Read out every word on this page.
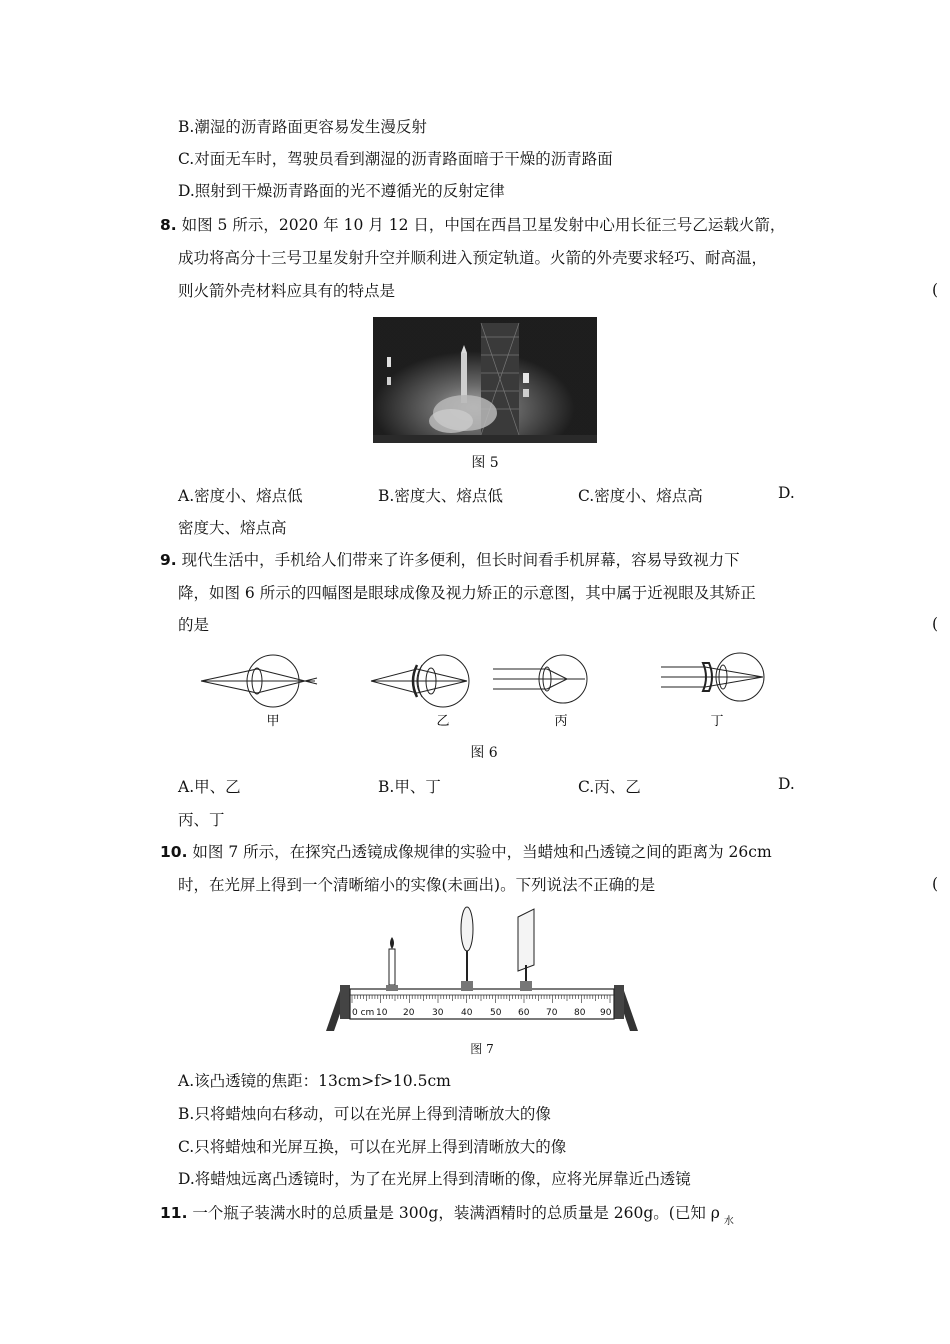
B.潮湿的沥青路面更容易发生漫反射
C.对面无车时，驾驶员看到潮湿的沥青路面暗于干燥的沥青路面
D.照射到干燥沥青路面的光不遵循光的反射定律
8. 如图 5 所示，2020 年 10 月 12 日，中国在西昌卫星发射中心用长征三号乙运载火箭，
成功将高分十三号卫星发射升空并顺利进入预定轨道。火箭的外壳要求轻巧、耐高温，
则火箭外壳材料应具有的特点是	(
图 5
A.密度小、熔点低	B.密度大、熔点低	C.密度小、熔点高	D.
密度大、熔点高
9. 现代生活中，手机给人们带来了许多便利，但长时间看手机屏幕，容易导致视力下
降，如图 6 所示的四幅图是眼球成像及视力矫正的示意图，其中属于近视眼及其矫正
的是	(
甲	乙	丙	丁
图 6
A.甲、乙	B.甲、丁	C.丙、乙	D.
丙、丁
10. 如图 7 所示，在探究凸透镜成像规律的实验中，当蜡烛和凸透镜之间的距离为 26cm
时，在光屏上得到一个清晰缩小的实像(未画出)。下列说法不正确的是	(
0 cm 10 20 30 40 50 60 70 80 90
图 7
A.该凸透镜的焦距：13cm>f>10.5cm
B.只将蜡烛向右移动，可以在光屏上得到清晰放大的像
C.只将蜡烛和光屏互换，可以在光屏上得到清晰放大的像
D.将蜡烛远离凸透镜时，为了在光屏上得到清晰的像，应将光屏靠近凸透镜
11. 一个瓶子装满水时的总质量是 300g，装满酒精时的总质量是 260g。(已知 ρ $_水$
